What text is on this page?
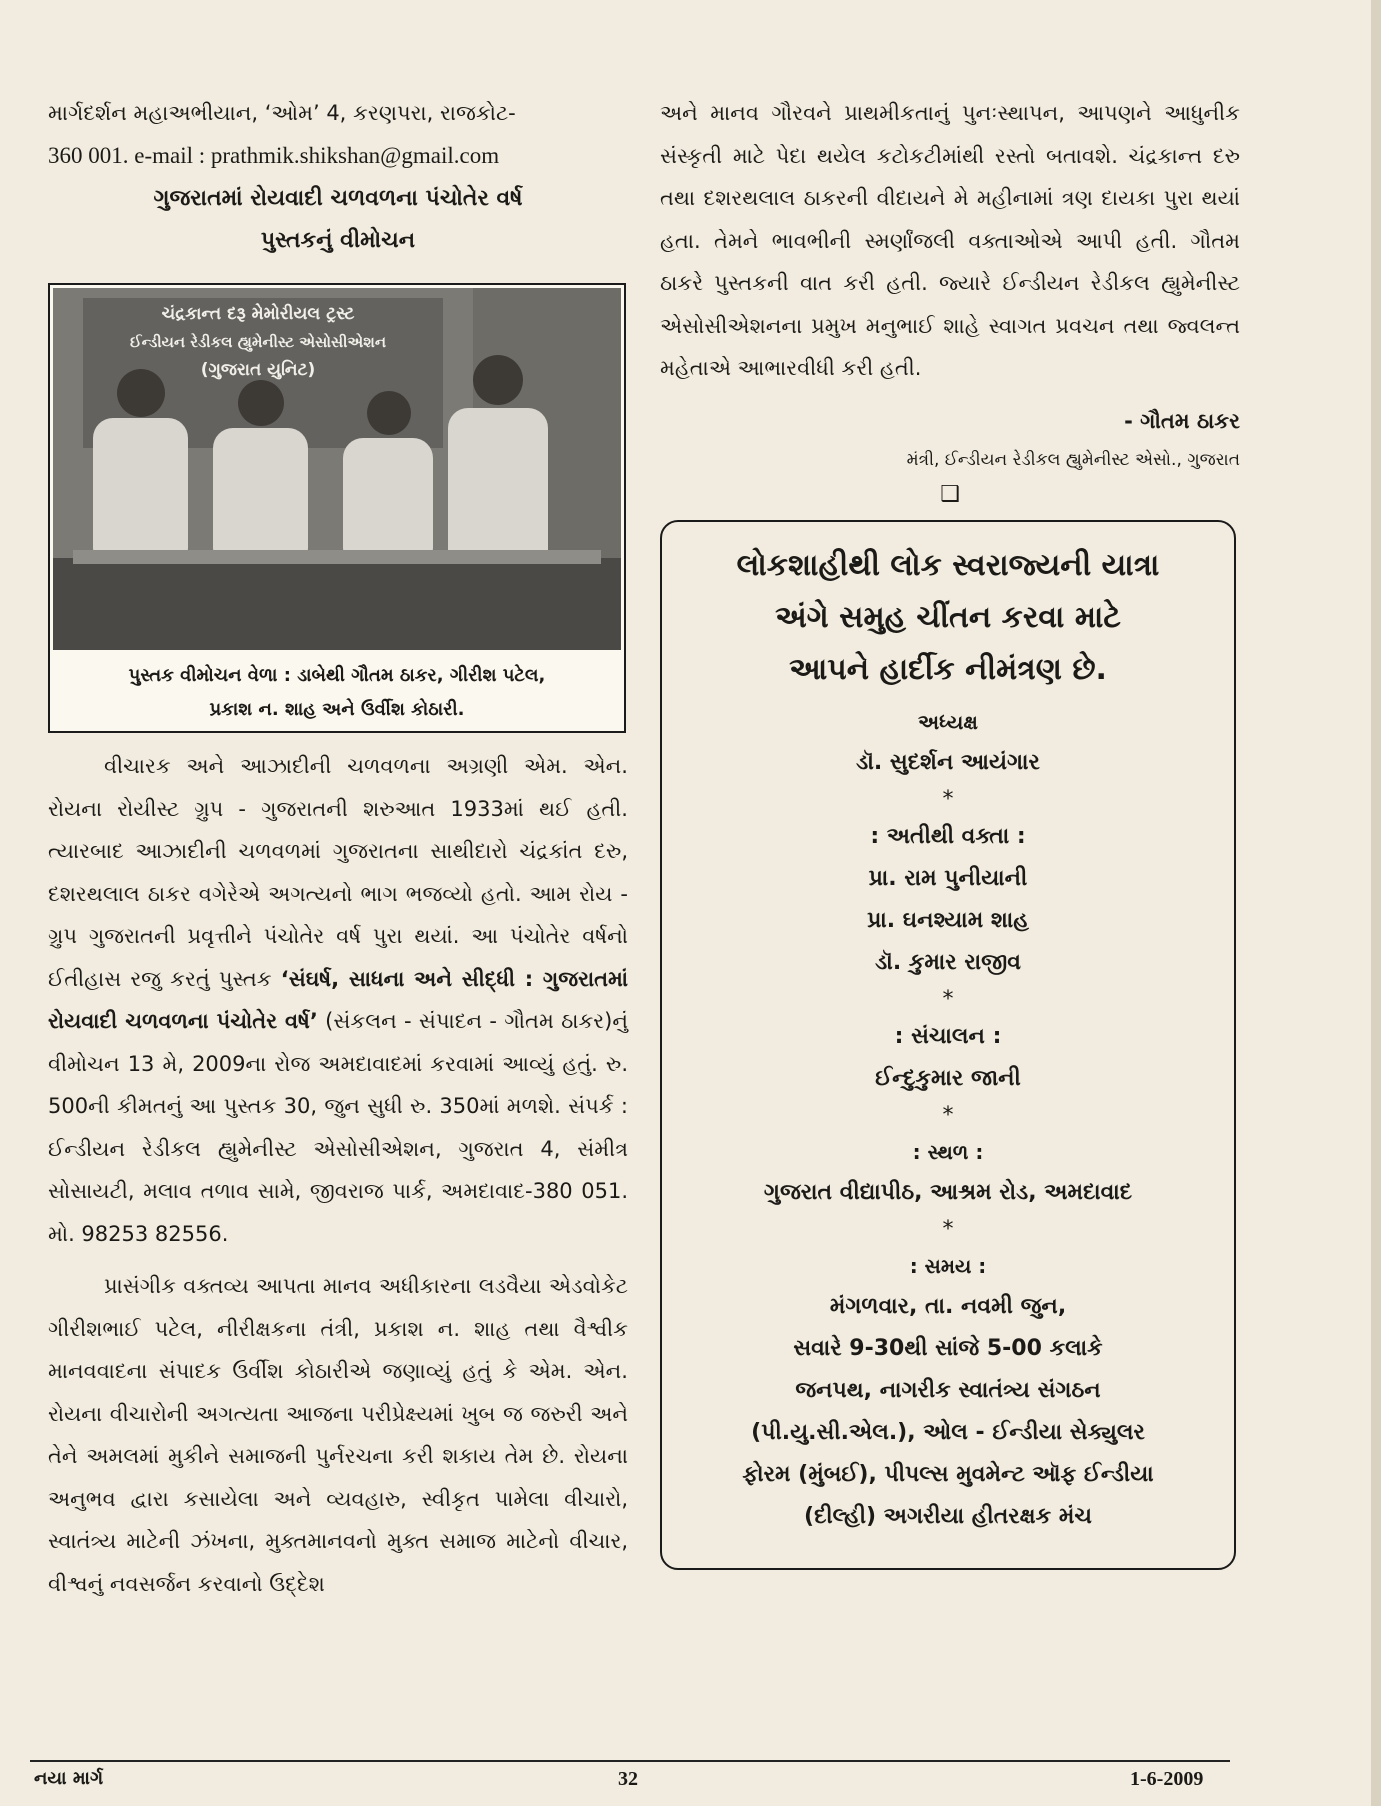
માર્ગદર્શન મહાઅભીયાન, ‘ઓમ’ 4, કરણપરા, રાજકોટ-

360 001. e-mail : prathmik.shikshan@gmail.com

ગુજરાતમાં રોયવાદી ચળવળના પંચોતેર વર્ષ
પુસ્તકનું વીમોચન
ચંદ્રકાન્ત દરૂ મેમોરીયલ ટ્રસ્ટ
ઈન્ડીયન રેડીકલ હ્યુમેનીસ્ટ એસોસીએશન
(ગુજરાત યુનિટ)
પુસ્તક વીમોચન વેળા : ડાબેથી ગૌતમ ઠાકર, ગીરીશ પટેલ,
પ્રકાશ ન. શાહ અને ઉર્વીશ કોઠારી.

વીચારક અને આઝાદીની ચળવળના અગ્રણી એમ. એન. રોયના રોયીસ્ટ ગ્રુપ - ગુજરાતની શરુઆત 1933માં થઈ હતી. ત્યારબાદ આઝાદીની ચળવળમાં ગુજરાતના સાથીદારો ચંદ્રકાંત દરુ, દશરથલાલ ઠાકર વગેરેએ અગત્યનો ભાગ ભજવ્યો હતો. આમ રોય - ગ્રુપ ગુજરાતની પ્રવૃત્તીને પંચોતેર વર્ષ પુરા થયાં. આ પંચોતેર વર્ષનો ઈતીહાસ રજુ કરતું પુસ્તક ‘સંઘર્ષ, સાધના અને સીદ્ધી : ગુજરાતમાં રોયવાદી ચળવળના પંચોતેર વર્ષ’ (સંકલન - સંપાદન - ગૌતમ ઠાકર)નું વીમોચન 13 મે, 2009ના રોજ અમદાવાદમાં કરવામાં આવ્યું હતું. રુ. 500ની કીમતનું આ પુસ્તક 30, જુન સુધી રુ. 350માં મળશે. સંપર્ક : ઈન્ડીયન રેડીકલ હ્યુમેનીસ્ટ એસોસીએશન, ગુજરાત 4, સંમીત્ર સોસાયટી, મલાવ તળાવ સામે, જીવરાજ પાર્ક, અમદાવાદ-380 051. મો. 98253 82556.

પ્રાસંગીક વક્તવ્ય આપતા માનવ અધીકારના લડવૈયા એડવોકેટ ગીરીશભાઈ પટેલ, નીરીક્ષકના તંત્રી, પ્રકાશ ન. શાહ તથા વૈશ્વીક માનવવાદના સંપાદક ઉર્વીશ કોઠારીએ જણાવ્યું હતું કે એમ. એન. રોયના વીચારોની અગત્યતા આજના પરીપ્રેક્ષ્યમાં ખુબ જ જરુરી અને તેને અમલમાં મુકીને સમાજની પુર્નરચના કરી શકાય તેમ છે. રોયના અનુભવ દ્વારા કસાયેલા અને વ્યવહારુ, સ્વીકૃત પામેલા વીચારો, સ્વાતંત્ર્ય માટેની ઝંખના, મુક્તમાનવનો મુક્ત સમાજ માટેનો વીચાર, વીશ્વનું નવસર્જન કરવાનો ઉદ્દેશ

અને માનવ ગૌરવને પ્રાથમીકતાનું પુનઃસ્થાપન, આપણને આધુનીક સંસ્કૃતી માટે પેદા થયેલ કટોકટીમાંથી રસ્તો બતાવશે. ચંદ્રકાન્ત દરુ તથા દશરથલાલ ઠાકરની વીદાયને મે મહીનામાં ત્રણ દાયકા પુરા થયાં હતા. તેમને ભાવભીની સ્મર્ણાંજલી વક્તાઓએ આપી હતી. ગૌતમ ઠાકરે પુસ્તકની વાત કરી હતી. જ્યારે ઈન્ડીયન રેડીકલ હ્યુમેનીસ્ટ એસોસીએશનના પ્રમુખ મનુભાઈ શાહે સ્વાગત પ્રવચન તથા જ્વલન્ત મહેતાએ આભારવીધી કરી હતી.

- ગૌતમ ઠાકર

મંત્રી, ઈન્ડીયન રેડીકલ હ્યુમેનીસ્ટ એસો., ગુજરાત

❑

લોકશાહીથી લોક સ્વરાજ્યની યાત્રા
અંગે સમુહ ચીંતન કરવા માટે
આપને હાર્દીક નીમંત્રણ છે.
અધ્યક્ષ
ડૉ. સુદર્શન આયંગાર
*
: અતીથી વક્તા :
પ્રા. રામ પુનીયાની
પ્રા. ઘનશ્યામ શાહ
ડૉ. કુમાર રાજીવ
*
: સંચાલન :
ઈન્દુકુમાર જાની
*
: સ્થળ :
ગુજરાત વીદ્યાપીઠ, આશ્રમ રોડ, અમદાવાદ
*
: સમય :
મંગળવાર, તા. નવમી જુન,
સવારે 9-30થી સાંજે 5-00 કલાકે
જનપથ, નાગરીક સ્વાતંત્ર્ય સંગઠન
(પી.યુ.સી.એલ.), ઓલ - ઈન્ડીયા સેક્યુલર
ફોરમ (મુંબઈ), પીપલ્સ મુવમેન્ટ ઑફ ઈન્ડીયા
(દીલ્હી) અગરીયા હીતરક્ષક મંચ
નયા માર્ગ	32	1-6-2009
